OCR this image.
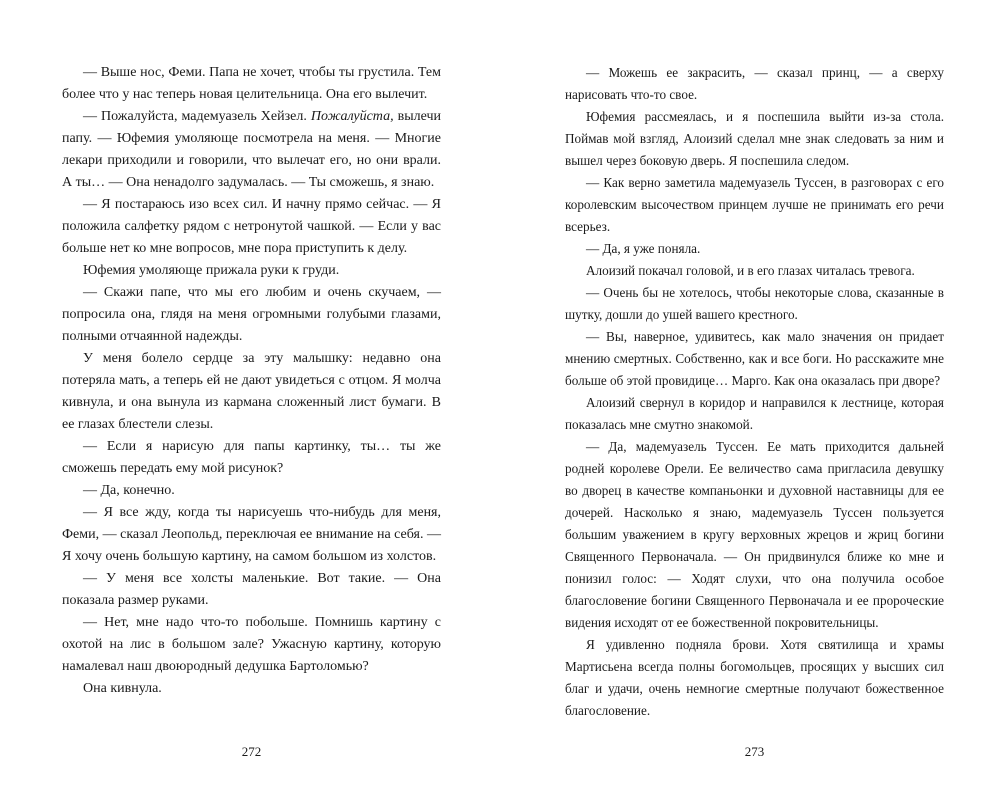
— Выше нос, Феми. Папа не хочет, чтобы ты грустила. Тем более что у нас теперь новая целительница. Она его вылечит.

— Пожалуйста, мадемуазель Хейзел. Пожалуйста, вылечи папу. — Юфемия умоляюще посмотрела на меня. — Многие лекари приходили и говорили, что вылечат его, но они врали. А ты… — Она ненадолго задумалась. — Ты сможешь, я знаю.

— Я постараюсь изо всех сил. И начну прямо сейчас. — Я положила салфетку рядом с нетронутой чашкой. — Если у вас больше нет ко мне вопросов, мне пора приступить к делу.

Юфемия умоляюще прижала руки к груди.

— Скажи папе, что мы его любим и очень скучаем, — попросила она, глядя на меня огромными голубыми глазами, полными отчаянной надежды.

У меня болело сердце за эту малышку: недавно она потеряла мать, а теперь ей не дают увидеться с отцом. Я молча кивнула, и она вынула из кармана сложенный лист бумаги. В ее глазах блестели слезы.

— Если я нарисую для папы картинку, ты… ты же сможешь передать ему мой рисунок?

— Да, конечно.

— Я все жду, когда ты нарисуешь что-нибудь для меня, Феми, — сказал Леопольд, переключая ее внимание на себя. — Я хочу очень большую картину, на самом большом из холстов.

— У меня все холсты маленькие. Вот такие. — Она показала размер руками.

— Нет, мне надо что-то побольше. Помнишь картину с охотой на лис в большом зале? Ужасную картину, которую намалевал наш двоюродный дедушка Бартоломью?

Она кивнула.

272

— Можешь ее закрасить, — сказал принц, — а сверху нарисовать что-то свое.

Юфемия рассмеялась, и я поспешила выйти из-за стола. Поймав мой взгляд, Алоизий сделал мне знак следовать за ним и вышел через боковую дверь. Я поспешила следом.

— Как верно заметила мадемуазель Туссен, в разговорах с его королевским высочеством принцем лучше не принимать его речи всерьез.

— Да, я уже поняла.

Алоизий покачал головой, и в его глазах читалась тревога.

— Очень бы не хотелось, чтобы некоторые слова, сказанные в шутку, дошли до ушей вашего крестного.

— Вы, наверное, удивитесь, как мало значения он придает мнению смертных. Собственно, как и все боги. Но расскажите мне больше об этой провидице… Марго. Как она оказалась при дворе?

Алоизий свернул в коридор и направился к лестнице, которая показалась мне смутно знакомой.

— Да, мадемуазель Туссен. Ее мать приходится дальней родней королеве Орели. Ее величество сама пригласила девушку во дворец в качестве компаньонки и духовной наставницы для ее дочерей. Насколько я знаю, мадемуазель Туссен пользуется большим уважением в кругу верховных жрецов и жриц богини Священного Первоначала. — Он придвинулся ближе ко мне и понизил голос: — Ходят слухи, что она получила особое благословение богини Священного Первоначала и ее пророческие видения исходят от ее божественной покровительницы.

Я удивленно подняла брови. Хотя святилища и храмы Мартисьена всегда полны богомольцев, просящих у высших сил благ и удачи, очень немногие смертные получают божественное благословение.

273
